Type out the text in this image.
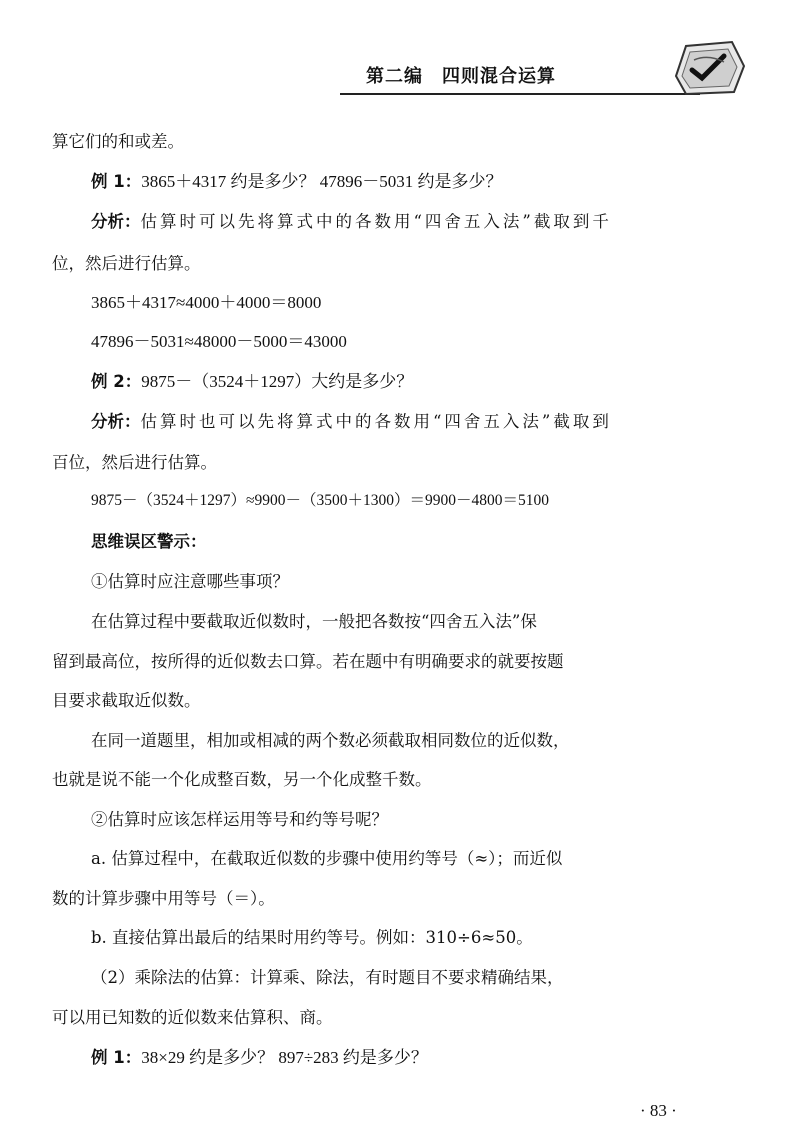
第二编　四则混合运算
算它们的和或差。
例 1：3865＋4317 约是多少？ 47896－5031 约是多少？
分析：估算时可以先将算式中的各数用“四舍五入法”截取到千
位，然后进行估算。
3865＋4317≈4000＋4000＝8000
47896－5031≈48000－5000＝43000
例 2：9875－（3524＋1297）大约是多少？
分析：估算时也可以先将算式中的各数用“四舍五入法”截取到
百位，然后进行估算。
9875－（3524＋1297）≈9900－（3500＋1300）＝9900－4800＝5100
思维误区警示：
①估算时应注意哪些事项？
在估算过程中要截取近似数时，一般把各数按“四舍五入法”保
留到最高位，按所得的近似数去口算。若在题中有明确要求的就要按题
目要求截取近似数。
在同一道题里，相加或相减的两个数必须截取相同数位的近似数，
也就是说不能一个化成整百数，另一个化成整千数。
②估算时应该怎样运用等号和约等号呢？
a. 估算过程中，在截取近似数的步骤中使用约等号（≈）；而近似
数的计算步骤中用等号（＝）。
b. 直接估算出最后的结果时用约等号。例如：310÷6≈50。
（2）乘除法的估算：计算乘、除法，有时题目不要求精确结果，
可以用已知数的近似数来估算积、商。
例 1：38×29 约是多少？ 897÷283 约是多少？
· 83 ·
